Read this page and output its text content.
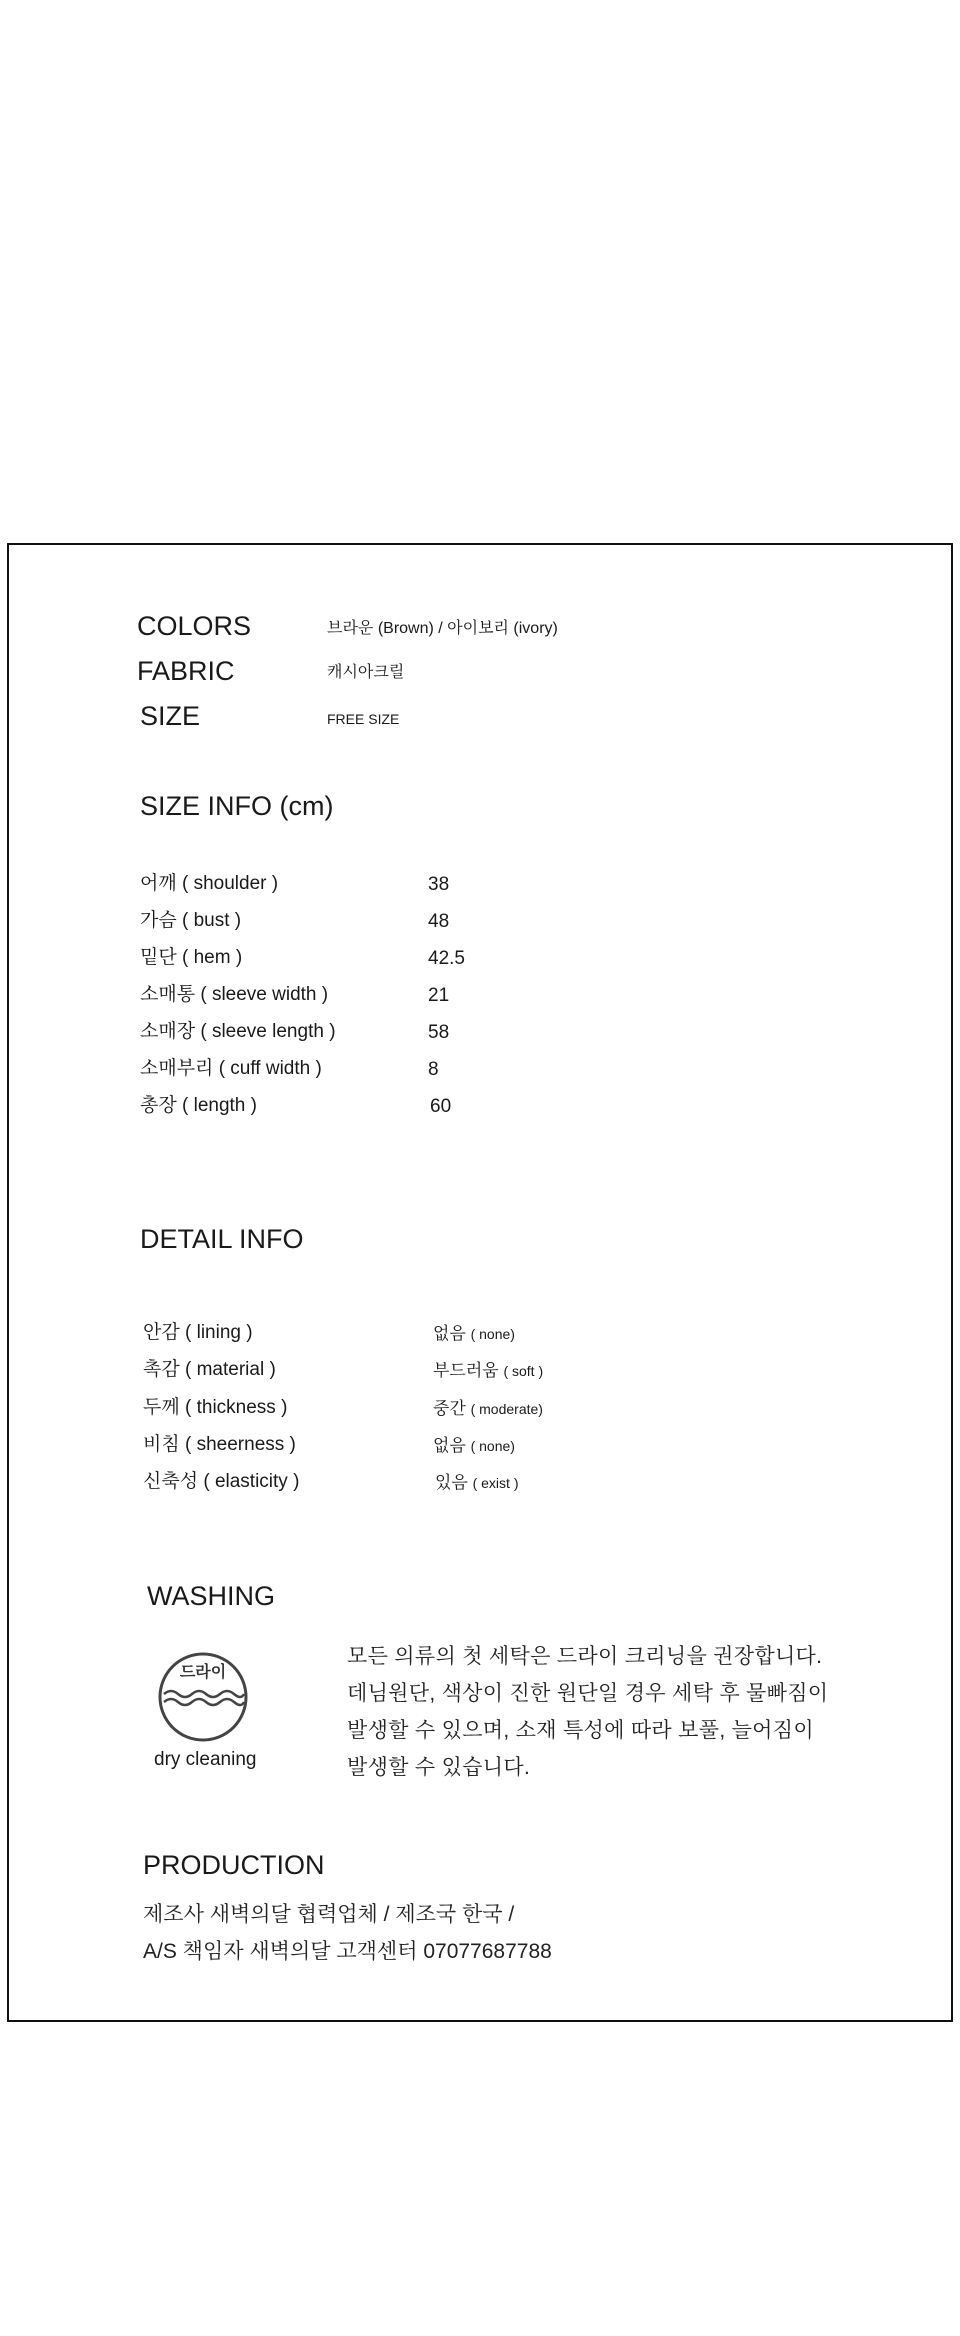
COLORS	브라운 (Brown) / 아이보리 (ivory)
FABRIC	캐시아크릴
SIZE	FREE SIZE
SIZE INFO (cm)
어깨 ( shoulder )	38
가슴 ( bust )	48
밑단 ( hem )	42.5
소매통 ( sleeve width )	21
소매장 ( sleeve length )	58
소매부리 ( cuff width )	8
총장 ( length )	60
DETAIL INFO
안감 ( lining )	없음 ( none)
촉감 ( material )	부드러움 ( soft )
두께 ( thickness )	중간 ( moderate)
비침 ( sheerness )	없음 ( none)
신축성 ( elasticity )	있음 ( exist )
WASHING
드라이
dry cleaning
모든 의류의 첫 세탁은 드라이 크리닝을 권장합니다.
데님원단, 색상이 진한 원단일 경우 세탁 후 물빠짐이
발생할 수 있으며, 소재 특성에 따라 보풀, 늘어짐이
발생할 수 있습니다.
PRODUCTION
제조사 새벽의달 협력업체 / 제조국 한국 /
A/S 책임자 새벽의달 고객센터 07077687788
